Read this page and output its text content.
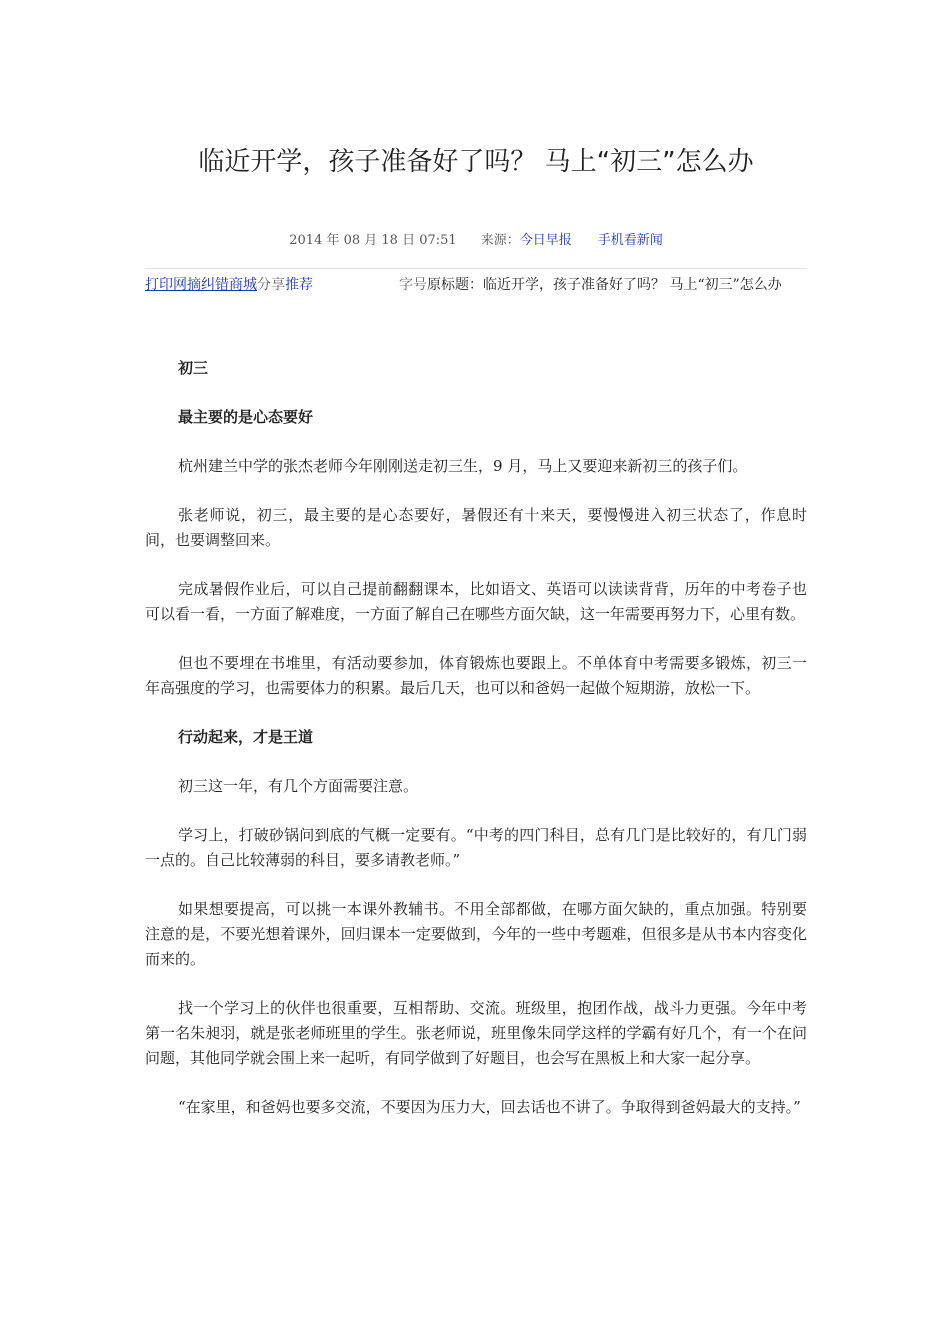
临近开学，孩子准备好了吗？ 马上“初三”怎么办
2014 年 08 月 18 日 07:51 来源：今日早报 手机看新闻
打印网摘纠错商城分享推荐	字号原标题：临近开学，孩子准备好了吗？ 马上“初三”怎么办

初三

最主要的是心态要好

杭州建兰中学的张杰老师今年刚刚送走初三生，9 月，马上又要迎来新初三的孩子们。

张老师说，初三，最主要的是心态要好，暑假还有十来天，要慢慢进入初三状态了，作息时间，也要调整回来。

完成暑假作业后，可以自己提前翻翻课本，比如语文、英语可以读读背背，历年的中考卷子也可以看一看，一方面了解难度，一方面了解自己在哪些方面欠缺，这一年需要再努力下，心里有数。

但也不要埋在书堆里，有活动要参加，体育锻炼也要跟上。不单体育中考需要多锻炼，初三一年高强度的学习，也需要体力的积累。最后几天，也可以和爸妈一起做个短期游，放松一下。

行动起来，才是王道

初三这一年，有几个方面需要注意。

学习上，打破砂锅问到底的气概一定要有。“中考的四门科目，总有几门是比较好的，有几门弱一点的。自己比较薄弱的科目，要多请教老师。”

如果想要提高，可以挑一本课外教辅书。不用全部都做，在哪方面欠缺的，重点加强。特别要注意的是，不要光想着课外，回归课本一定要做到，今年的一些中考题难，但很多是从书本内容变化而来的。

找一个学习上的伙伴也很重要，互相帮助、交流。班级里，抱团作战，战斗力更强。今年中考第一名朱昶羽，就是张老师班里的学生。张老师说，班里像朱同学这样的学霸有好几个，有一个在问问题，其他同学就会围上来一起听，有同学做到了好题目，也会写在黑板上和大家一起分享。

“在家里，和爸妈也要多交流，不要因为压力大，回去话也不讲了。争取得到爸妈最大的支持。”
